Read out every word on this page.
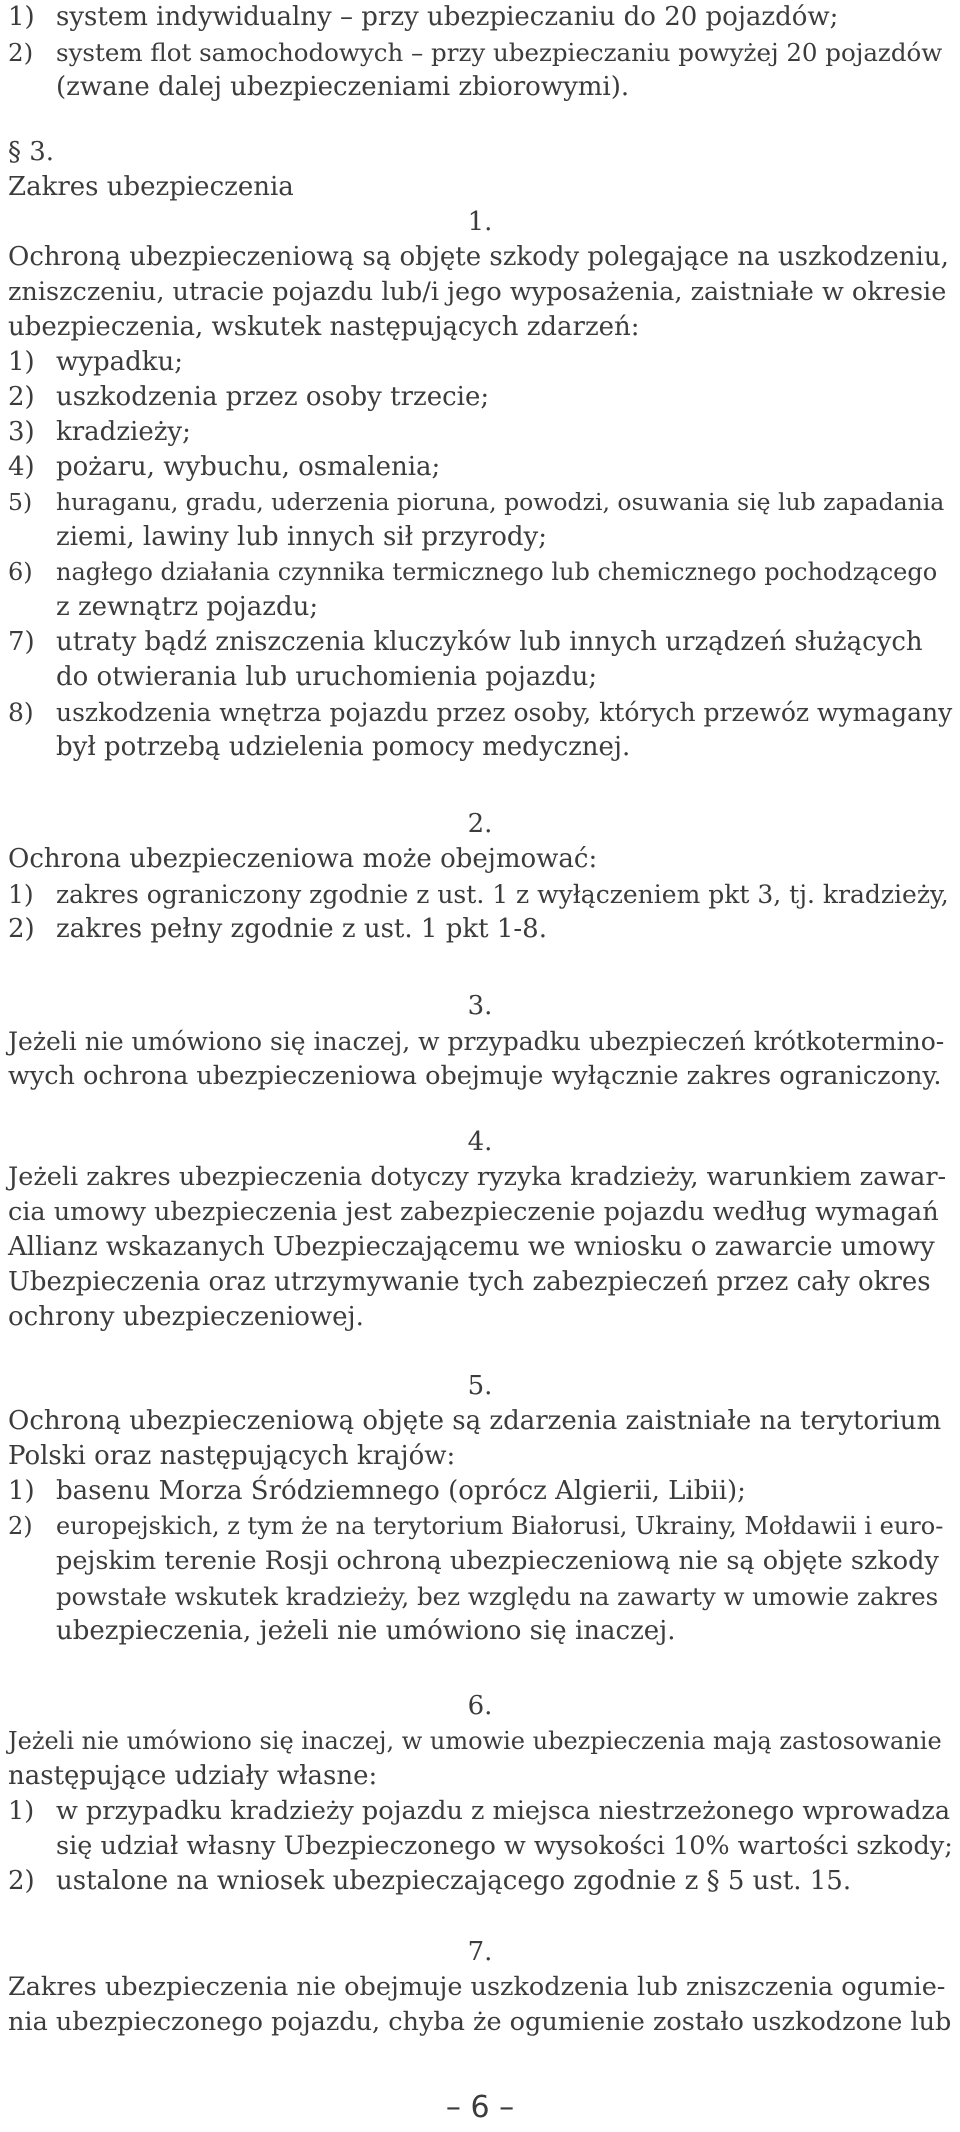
1) system indywidualny – przy ubezpieczaniu do 20 pojazdów;
2) system flot samochodowych – przy ubezpieczaniu powyżej 20 pojazdów
(zwane dalej ubezpieczeniami zbiorowymi).
§ 3.
Zakres ubezpieczenia
1.
Ochroną ubezpieczeniową są objęte szkody polegające na uszkodzeniu,
zniszczeniu, utracie pojazdu lub/i jego wyposażenia, zaistniałe w okresie
ubezpieczenia, wskutek następujących zdarzeń:
1) wypadku;
2) uszkodzenia przez osoby trzecie;
3) kradzieży;
4) pożaru, wybuchu, osmalenia;
5) huraganu, gradu, uderzenia pioruna, powodzi, osuwania się lub zapadania
ziemi, lawiny lub innych sił przyrody;
6) nagłego działania czynnika termicznego lub chemicznego pochodzącego
z zewnątrz pojazdu;
7) utraty bądź zniszczenia kluczyków lub innych urządzeń służących
do otwierania lub uruchomienia pojazdu;
8) uszkodzenia wnętrza pojazdu przez osoby, których przewóz wymagany
był potrzebą udzielenia pomocy medycznej.
2.
Ochrona ubezpieczeniowa może obejmować:
1) zakres ograniczony zgodnie z ust. 1 z wyłączeniem pkt 3, tj. kradzieży,
2) zakres pełny zgodnie z ust. 1 pkt 1-8.
3.
Jeżeli nie umówiono się inaczej, w przypadku ubezpieczeń krótkotermino-
wych ochrona ubezpieczeniowa obejmuje wyłącznie zakres ograniczony.
4.
Jeżeli zakres ubezpieczenia dotyczy ryzyka kradzieży, warunkiem zawar-
cia umowy ubezpieczenia jest zabezpieczenie pojazdu według wymagań
Allianz wskazanych Ubezpieczającemu we wniosku o zawarcie umowy
Ubezpieczenia oraz utrzymywanie tych zabezpieczeń przez cały okres
ochrony ubezpieczeniowej.
5.
Ochroną ubezpieczeniową objęte są zdarzenia zaistniałe na terytorium
Polski oraz następujących krajów:
1) basenu Morza Śródziemnego (oprócz Algierii, Libii);
2) europejskich, z tym że na terytorium Białorusi, Ukrainy, Mołdawii i euro-
pejskim terenie Rosji ochroną ubezpieczeniową nie są objęte szkody
powstałe wskutek kradzieży, bez względu na zawarty w umowie zakres
ubezpieczenia, jeżeli nie umówiono się inaczej.
6.
Jeżeli nie umówiono się inaczej, w umowie ubezpieczenia mają zastosowanie
następujące udziały własne:
1) w przypadku kradzieży pojazdu z miejsca niestrzeżonego wprowadza
się udział własny Ubezpieczonego w wysokości 10% wartości szkody;
2) ustalone na wniosek ubezpieczającego zgodnie z § 5 ust. 15.
7.
Zakres ubezpieczenia nie obejmuje uszkodzenia lub zniszczenia ogumie-
nia ubezpieczonego pojazdu, chyba że ogumienie zostało uszkodzone lub
– 6 –
